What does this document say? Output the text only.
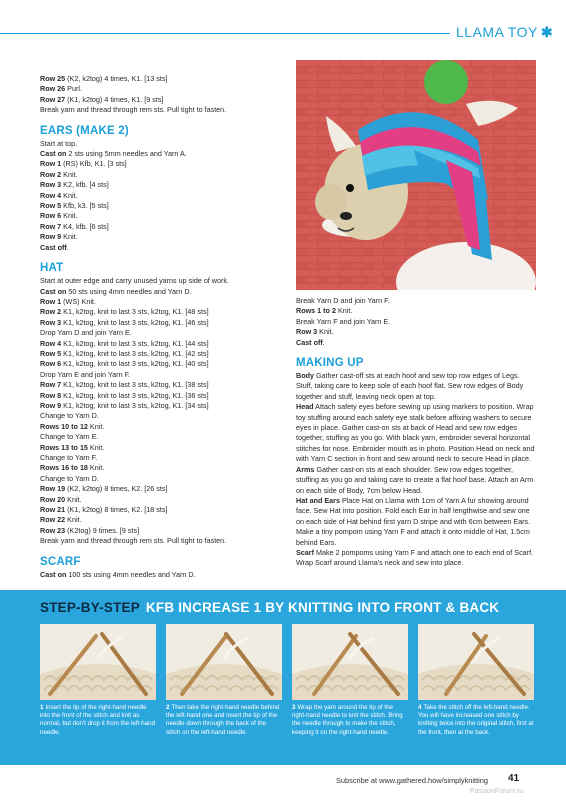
LLAMA TOY ✱
Row 25 (K2, k2tog) 4 times, K1. [13 sts]
Row 26 Purl.
Row 27 (K1, k2tog) 4 times, K1. [9 sts]
Break yarn and thread through rem sts. Pull tight to fasten.
EARS (MAKE 2)
Start at top.
Cast on 2 sts using 5mm needles and Yarn A.
Row 1 (RS) Kfb, K1. [3 sts]
Row 2 Knit.
Row 3 K2, kfb. [4 sts]
Row 4 Knit.
Row 5 Kfb, k3. [5 sts]
Row 6 Knit.
Row 7 K4, kfb. [6 sts]
Row 9 Knit.
Cast off.
HAT
Start at outer edge and carry unused yarns up side of work.
Cast on 50 sts using 4mm needles and Yarn D.
Row 1 (WS) Knit.
Row 2 K1, k2tog, knit to last 3 sts, k2tog, K1. [48 sts]
Row 3 K1, k2tog, knit to last 3 sts, k2tog, K1. [46 sts]
Drop Yarn D and join Yarn E.
Row 4 K1, k2tog, knit to last 3 sts, k2tog, K1. [44 sts]
Row 5 K1, k2tog, knit to last 3 sts, k2tog, K1. [42 sts]
Row 6 K1, k2tog, knit to last 3 sts, k2tog, K1. [40 sts]
Drop Yarn E and join Yarn F.
Row 7 K1, k2tog, knit to last 3 sts, k2tog, K1. [38 sts]
Row 8 K1, k2tog, knit to last 3 sts, k2tog, K1. [36 sts]
Row 9 K1, k2tog, knit to last 3 sts, k2tog, K1. [34 sts]
Change to Yarn D.
Rows 10 to 12 Knit.
Change to Yarn E.
Rows 13 to 15 Knit.
Change to Yarn F.
Rows 16 to 18 Knit.
Change to Yarn D.
Row 19 (K2, k2tog) 8 times, K2. [26 sts]
Row 20 Knit.
Row 21 (K1, k2tog) 8 times, K2. [18 sts]
Row 22 Knit.
Row 23 (K2tog) 9 times. [9 sts]
Break yarn and thread through rem sts. Pull tight to fasten.
SCARF
Cast on 100 sts using 4mm needles and Yarn D.
Break Yarn D and join Yarn F.
Rows 1 to 2 Knit.
Break Yarn F and join Yarn E.
Row 3 Knit.
Cast off.
MAKING UP
Body Gather cast-off sts at each hoof and sew top row edges of Legs. Stuff, taking care to keep sole of each hoof flat. Sew row edges of Body together and stuff, leaving neck open at top.
Head Attach safety eyes before sewing up using markers to position. Wrap toy stuffing around each safety eye stalk before affixing washers to secure eyes in place. Gather cast-on sts at back of Head and sew row edges together, stuffing as you go. With black yarn, embroider several horizontal stitches for nose. Embroider mouth as in photo. Position Head on neck and with Yarn C section in front and sew around neck to secure Head in place.
Arms Gather cast-on sts at each shoulder. Sew row edges together, stuffing as you go and taking care to create a flat hoof base. Attach an Arm on each side of Body, 7cm below Head.
Hat and Ears Place Hat on Llama with 1cm of Yarn A fur showing around face. Sew Hat into position. Fold each Ear in half lengthwise and sew one on each side of Hat behind first yarn D stripe and with 6cm between Ears. Make a tiny pompom using Yarn F and attach it onto middle of Hat, 1.5cm behind Ears.
Scarf Make 2 pompoms using Yarn F and attach one to each end of Scarf. Wrap Scarf around Llama's neck and sew into place.
STEP-BY-STEP KFB INCREASE 1 BY KNITTING INTO FRONT & BACK
1 Insert the tip of the right-hand needle into the front of the stitch and knit as normal, but don't drop it from the left-hand needle.
2 Then take the right-hand needle behind the left-hand one and insert the tip of the needle down through the back of the stitch on the left-hand needle.
3 Wrap the yarn around the tip of the right-hand needle to knit the stitch. Bring the needle through to make the stitch, keeping it on the right-hand needle.
4 Take the stitch off the left-hand needle. You will have increased one stitch by knitting twice into the original stitch, first at the front, then at the back.
Subscribe at www.gathered.how/simplyknitting 41
PassionForum.ru
